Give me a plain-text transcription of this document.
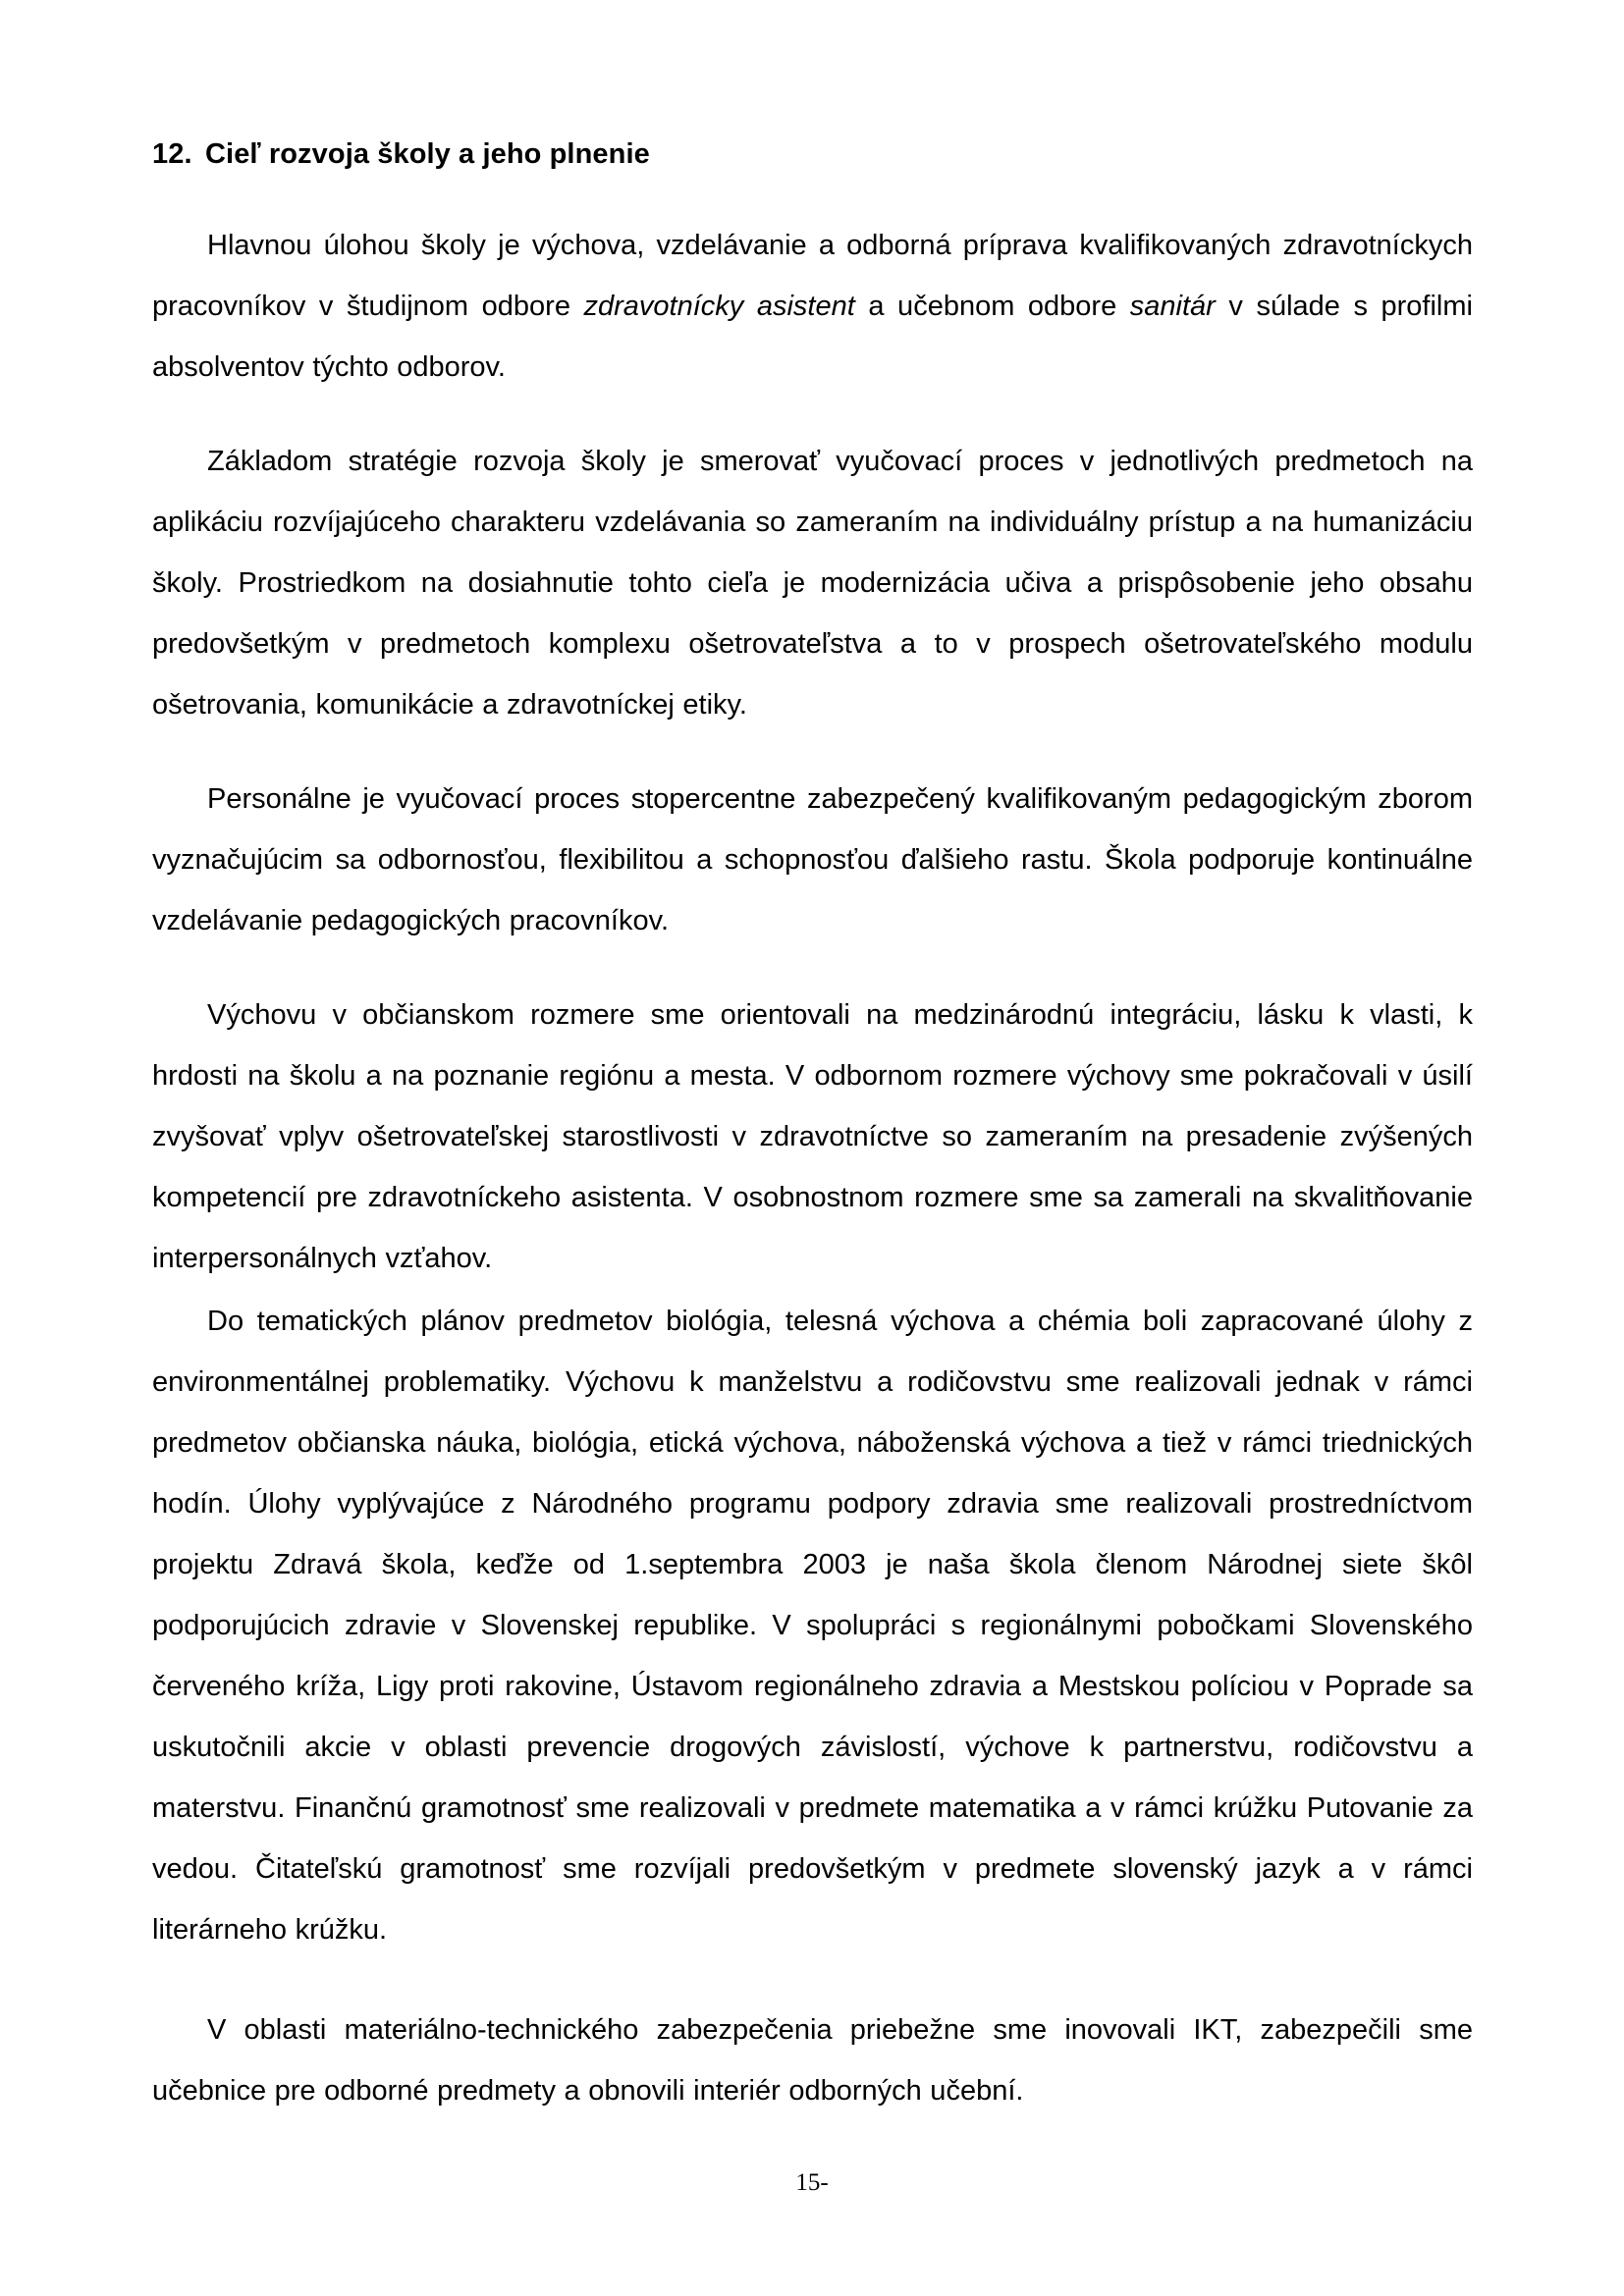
12. Cieľ rozvoja školy a jeho plnenie

Hlavnou úlohou školy je výchova, vzdelávanie a odborná príprava kvalifikovaných zdravotníckych pracovníkov v študijnom odbore zdravotnícky asistent a učebnom odbore sanitár v súlade s profilmi absolventov týchto odborov.

Základom stratégie rozvoja školy je smerovať vyučovací proces v jednotlivých predmetoch na aplikáciu rozvíjajúceho charakteru vzdelávania so zameraním na individuálny prístup a na humanizáciu školy. Prostriedkom na dosiahnutie tohto cieľa je modernizácia učiva a prispôsobenie jeho obsahu predovšetkým v predmetoch komplexu ošetrovateľstva a to v prospech ošetrovateľského modulu ošetrovania, komunikácie a zdravotníckej etiky.

Personálne je vyučovací proces stopercentne zabezpečený kvalifikovaným pedagogickým zborom vyznačujúcim sa odbornosťou, flexibilitou a schopnosťou ďalšieho rastu. Škola podporuje kontinuálne vzdelávanie pedagogických pracovníkov.

Výchovu v občianskom rozmere sme orientovali na medzinárodnú integráciu, lásku k vlasti, k hrdosti na školu a na poznanie regiónu a mesta. V odbornom rozmere výchovy sme pokračovali v úsilí zvyšovať vplyv ošetrovateľskej starostlivosti v zdravotníctve so zameraním na presadenie zvýšených kompetencií pre zdravotníckeho asistenta. V osobnostnom rozmere sme sa zamerali na skvalitňovanie interpersonálnych vzťahov.

Do tematických plánov predmetov biológia, telesná výchova a chémia boli zapracované úlohy z environmentálnej problematiky. Výchovu k manželstvu a rodičovstvu sme realizovali jednak v rámci predmetov občianska náuka, biológia, etická výchova, náboženská výchova a tiež v rámci triednických hodín. Úlohy vyplývajúce z Národného programu podpory zdravia sme realizovali prostredníctvom projektu Zdravá škola, keďže od 1.septembra 2003 je naša škola členom Národnej siete škôl podporujúcich zdravie v Slovenskej republike. V spolupráci s regionálnymi pobočkami Slovenského červeného kríža, Ligy proti rakovine, Ústavom regionálneho zdravia a Mestskou políciou v Poprade sa uskutočnili akcie v oblasti prevencie drogových závislostí, výchove k partnerstvu, rodičovstvu a materstvu. Finančnú gramotnosť sme realizovali v predmete matematika a v rámci krúžku Putovanie za vedou. Čitateľskú gramotnosť sme rozvíjali predovšetkým v predmete slovenský jazyk a v rámci literárneho krúžku.

V oblasti materiálno-technického zabezpečenia priebežne sme inovovali IKT, zabezpečili sme učebnice pre odborné predmety a obnovili interiér odborných učební.

15-
